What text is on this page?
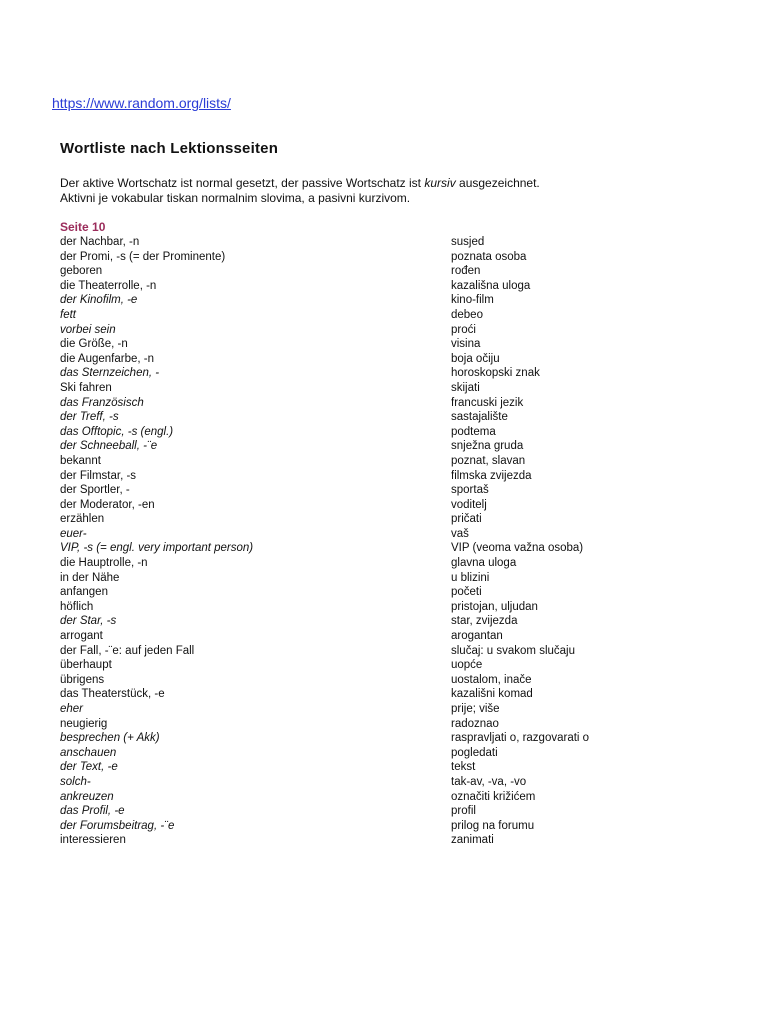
https://www.random.org/lists/
Wortliste nach Lektionsseiten

Der aktive Wortschatz ist normal gesetzt, der passive Wortschatz ist kursiv ausgezeichnet.

Aktivni je vokabular tiskan normalnim slovima, a pasivni kurzivom.

Seite 10
der Nachbar, -n	susjed
der Promi, -s (= der Prominente)	poznata osoba
geboren	rođen
die Theaterrolle, -n	kazališna uloga
der Kinofilm, -e	kino-film
fett	debeo
vorbei sein	proći
die Größe, -n	visina
die Augenfarbe, -n	boja očiju
das Sternzeichen, -	horoskopski znak
Ski fahren	skijati
das Französisch	francuski jezik
der Treff, -s	sastajalište
das Offtopic, -s (engl.)	podtema
der Schneeball, -¨e	snježna gruda
bekannt	poznat, slavan
der Filmstar, -s	filmska zvijezda
der Sportler, -	sportaš
der Moderator, -en	voditelj
erzählen	pričati
euer-	vaš
VIP, -s (= engl. very important person)	VIP (veoma važna osoba)
die Hauptrolle, -n	glavna uloga
in der Nähe	u blizini
anfangen	početi
höflich	pristojan, uljudan
der Star, -s	star, zvijezda
arrogant	arogantan
der Fall, -¨e: auf jeden Fall	slučaj: u svakom slučaju
überhaupt	uopće
übrigens	uostalom, inače
das Theaterstück, -e	kazališni komad
eher	prije; više
neugierig	radoznao
besprechen (+ Akk)	raspravljati o, razgovarati o
anschauen	pogledati
der Text, -e	tekst
solch-	tak-av, -va, -vo
ankreuzen	označiti križićem
das Profil, -e	profil
der Forumsbeitrag, -¨e	prilog na forumu
interessieren	zanimati
